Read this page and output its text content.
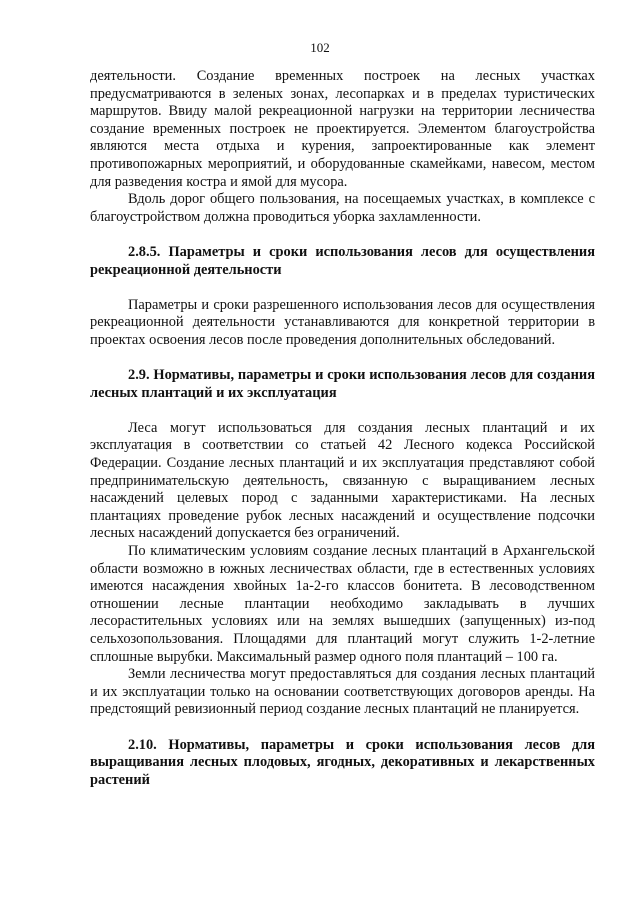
102

деятельности. Создание временных построек на лесных участках предусматриваются в зеленых зонах, лесопарках и в пределах туристических маршрутов. Ввиду малой рекреационной нагрузки на территории лесничества создание временных построек не проектируется. Элементом благоустройства являются места отдыха и курения, запроектированные как элемент противопожарных мероприятий, и оборудованные скамейками, навесом, местом для разведения костра и ямой для мусора.

Вдоль дорог общего пользования, на посещаемых участках, в комплексе с благоустройством должна проводиться уборка захламленности.

2.8.5. Параметры и сроки использования лесов для осуществления рекреационной деятельности

Параметры и сроки разрешенного использования лесов для осуществления рекреационной деятельности устанавливаются для конкретной территории в проектах освоения лесов после проведения дополнительных обследований.

2.9. Нормативы, параметры и сроки использования лесов для создания лесных плантаций и их эксплуатация

Леса могут использоваться для создания лесных плантаций и их эксплуатация в соответствии со статьей 42 Лесного кодекса Российской Федерации. Создание лесных плантаций и их эксплуатация представляют собой предпринимательскую деятельность, связанную с выращиванием лесных насаждений целевых пород с заданными характеристиками. На лесных плантациях проведение рубок лесных насаждений и осуществление подсочки лесных насаждений допускается без ограничений.

По климатическим условиям создание лесных плантаций в Архангельской области возможно в южных лесничествах области, где в естественных условиях имеются насаждения хвойных 1а-2-го классов бонитета. В лесоводственном отношении лесные плантации необходимо закладывать в лучших лесорастительных условиях или на землях вышедших (запущенных) из-под сельхозопользования. Площадями для плантаций могут служить 1-2-летние сплошные вырубки. Максимальный размер одного поля плантаций – 100 га.

Земли лесничества могут предоставляться для создания лесных плантаций и их эксплуатации только на основании соответствующих договоров аренды. На предстоящий ревизионный период создание лесных плантаций не планируется.

2.10. Нормативы, параметры и сроки использования лесов для выращивания лесных плодовых, ягодных, декоративных и лекарственных растений
